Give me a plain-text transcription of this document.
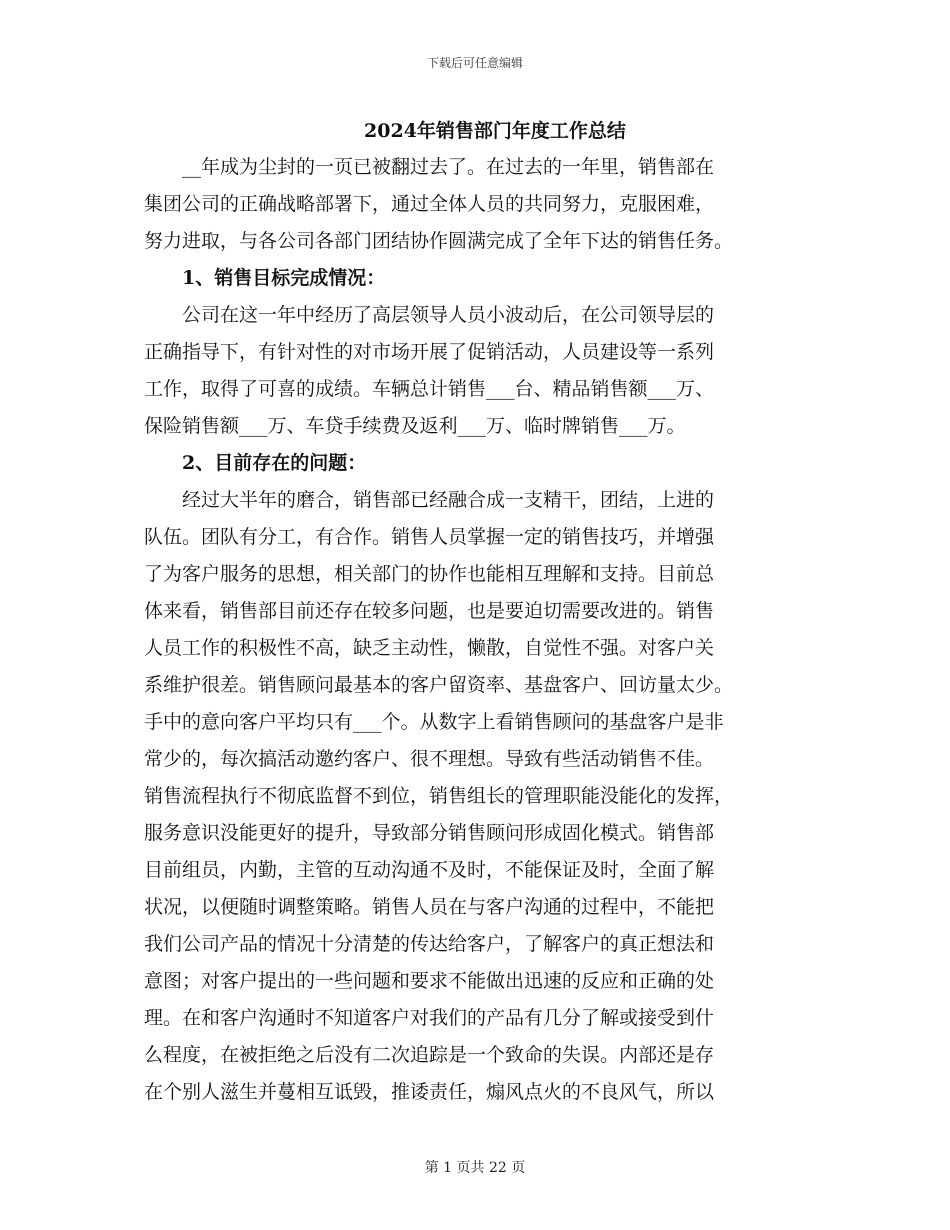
下载后可任意编辑
2024年销售部门年度工作总结
__年成为尘封的一页已被翻过去了。在过去的一年里，销售部在
集团公司的正确战略部署下，通过全体人员的共同努力，克服困难，
努力进取，与各公司各部门团结协作圆满完成了全年下达的销售任务。
1、销售目标完成情况：
公司在这一年中经历了高层领导人员小波动后，在公司领导层的
正确指导下，有针对性的对市场开展了促销活动，人员建设等一系列
工作，取得了可喜的成绩。车辆总计销售___台、精品销售额___万、
保险销售额___万、车贷手续费及返利___万、临时牌销售___万。
2、目前存在的问题：
经过大半年的磨合，销售部已经融合成一支精干，团结，上进的
队伍。团队有分工，有合作。销售人员掌握一定的销售技巧，并增强
了为客户服务的思想，相关部门的协作也能相互理解和支持。目前总
体来看，销售部目前还存在较多问题，也是要迫切需要改进的。销售
人员工作的积极性不高，缺乏主动性，懒散，自觉性不强。对客户关
系维护很差。销售顾问最基本的客户留资率、基盘客户、回访量太少。
手中的意向客户平均只有___个。从数字上看销售顾问的基盘客户是非
常少的，每次搞活动邀约客户、很不理想。导致有些活动销售不佳。
销售流程执行不彻底监督不到位，销售组长的管理职能没能化的发挥，
服务意识没能更好的提升，导致部分销售顾问形成固化模式。销售部
目前组员，内勤，主管的互动沟通不及时，不能保证及时，全面了解
状况，以便随时调整策略。销售人员在与客户沟通的过程中，不能把
我们公司产品的情况十分清楚的传达给客户，了解客户的真正想法和
意图；对客户提出的一些问题和要求不能做出迅速的反应和正确的处
理。在和客户沟通时不知道客户对我们的产品有几分了解或接受到什
么程度，在被拒绝之后没有二次追踪是一个致命的失误。内部还是存
在个别人滋生并蔓相互诋毁，推诿责任，煽风点火的不良风气，所以
第 1 页共 22 页
